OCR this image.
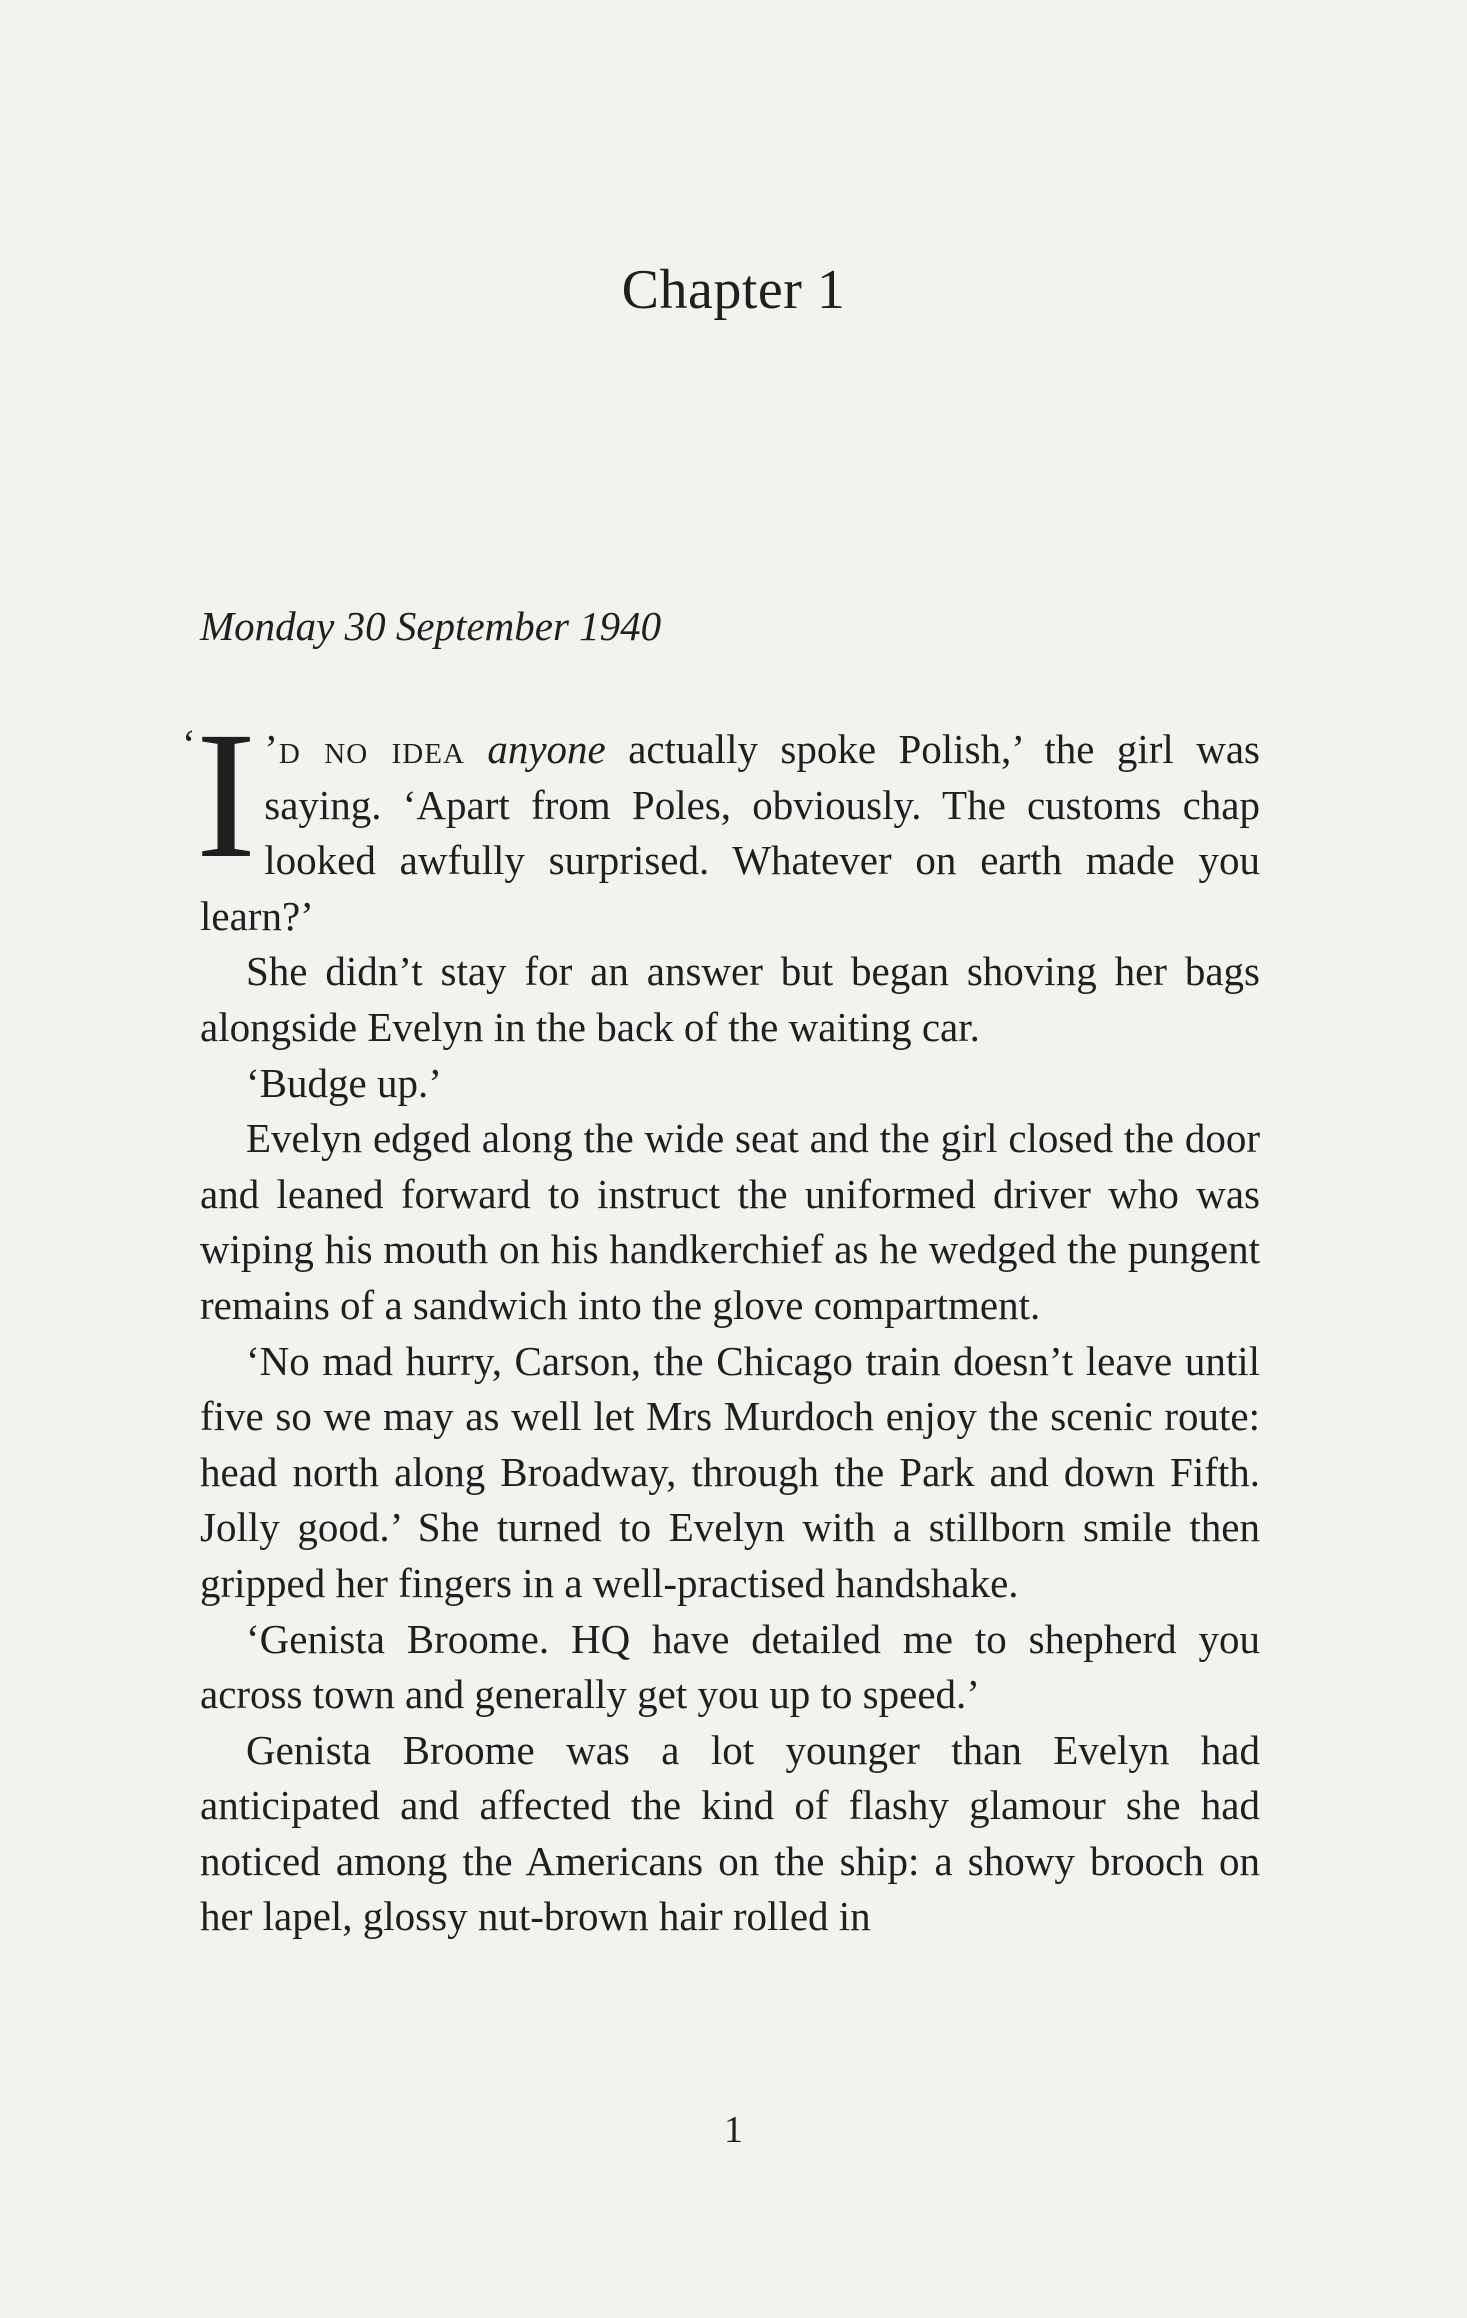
Chapter 1

Monday 30 September 1940

‘ I ’d no idea anyone actually spoke Polish,’ the girl was saying. ‘Apart from Poles, obviously. The customs chap looked awfully surprised. Whatever on earth made you learn?’

She didn’t stay for an answer but began shoving her bags alongside Evelyn in the back of the waiting car.

‘Budge up.’

Evelyn edged along the wide seat and the girl closed the door and leaned forward to instruct the uniformed driver who was wiping his mouth on his handkerchief as he wedged the pungent remains of a sandwich into the glove compartment.

‘No mad hurry, Carson, the Chicago train doesn’t leave until five so we may as well let Mrs Murdoch enjoy the scenic route: head north along Broadway, through the Park and down Fifth. Jolly good.’ She turned to Evelyn with a stillborn smile then gripped her fingers in a well-practised handshake.

‘Genista Broome. HQ have detailed me to shepherd you across town and generally get you up to speed.’

Genista Broome was a lot younger than Evelyn had anticipated and affected the kind of flashy glamour she had noticed among the Americans on the ship: a showy brooch on her lapel, glossy nut-brown hair rolled in

1
